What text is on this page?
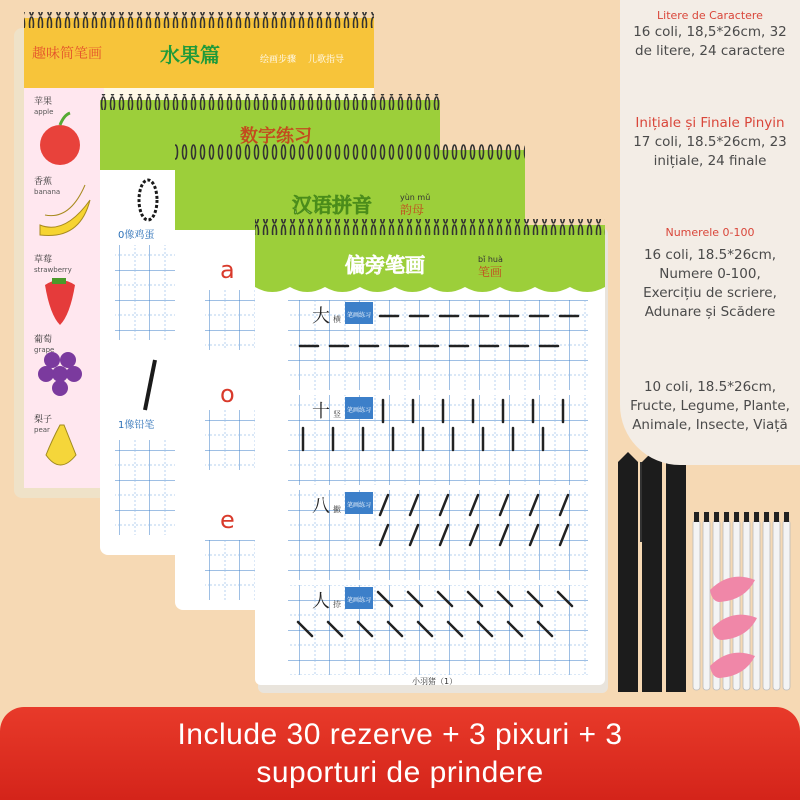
趣味简笔画	水果篇	绘画步骤 儿歌指导
苹果
apple
香蕉
banana
草莓
strawberry
葡萄
grape
梨子
pear
数字练习
0像鸡蛋
1像铅笔
汉语拼音	yùn mǔ
韵母
a
o
e
偏旁笔画	bǐ huà
笔画
大 横
十 竖
八 撇
人 捺
笔画练习
笔画练习
笔画练习
笔画练习
小羽猪（1）
Litere de Caractere
16 coli, 18,5*26cm, 32 de litere, 24 caractere
Inițiale și Finale Pinyin
17 coli, 18.5*26cm, 23 inițiale, 24 finale
Numerele 0-100
16 coli, 18.5*26cm, Numere 0-100, Exercițiu de scriere, Adunare și Scădere
10 coli, 18.5*26cm, Fructe, Legume, Plante, Animale, Insecte, Viață
Include 30 rezerve + 3 pixuri + 3
suporturi de prindere
